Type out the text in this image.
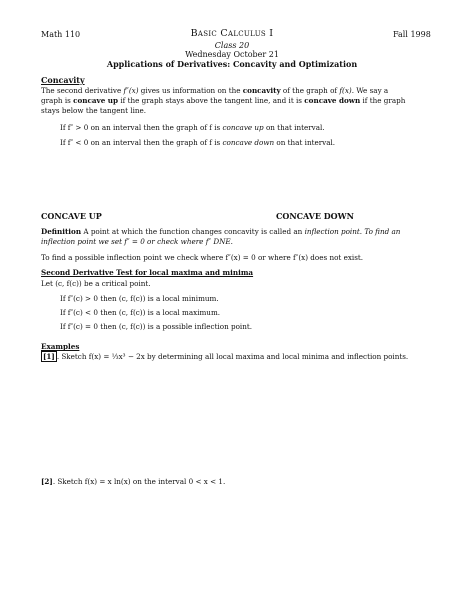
Math 110	Basic Calculus I	Fall 1998
Class 20
Wednesday October 21
Applications of Derivatives: Concavity and Optimization
Concavity
The second derivative f″(x) gives us information on the concavity of the graph of f(x). We say a
graph is concave up if the graph stays above the tangent line, and it is concave down if the graph
stays below the tangent line.
If f″ > 0 on an interval then the graph of f is concave up on that interval.
If f″ < 0 on an interval then the graph of f is concave down on that interval.
CONCAVE UP	CONCAVE DOWN
Definition A point at which the function changes concavity is called an inflection point. To find an
inflection point we set f″ = 0 or check where f″ DNE.
To find a possible inflection point we check where f″(x) = 0 or where f″(x) does not exist.
Second Derivative Test for local maxima and minima
Let (c, f(c)) be a critical point.
If f″(c) > 0 then (c, f(c)) is a local minimum.
If f″(c) < 0 then (c, f(c)) is a local maximum.
If f″(c) = 0 then (c, f(c)) is a possible inflection point.
Examples
[1] . Sketch f(x) = ⅓x³ − 2x by determining all local maxima and local minima and inflection points.
[2]. Sketch f(x) = x ln(x) on the interval 0 < x < 1.
